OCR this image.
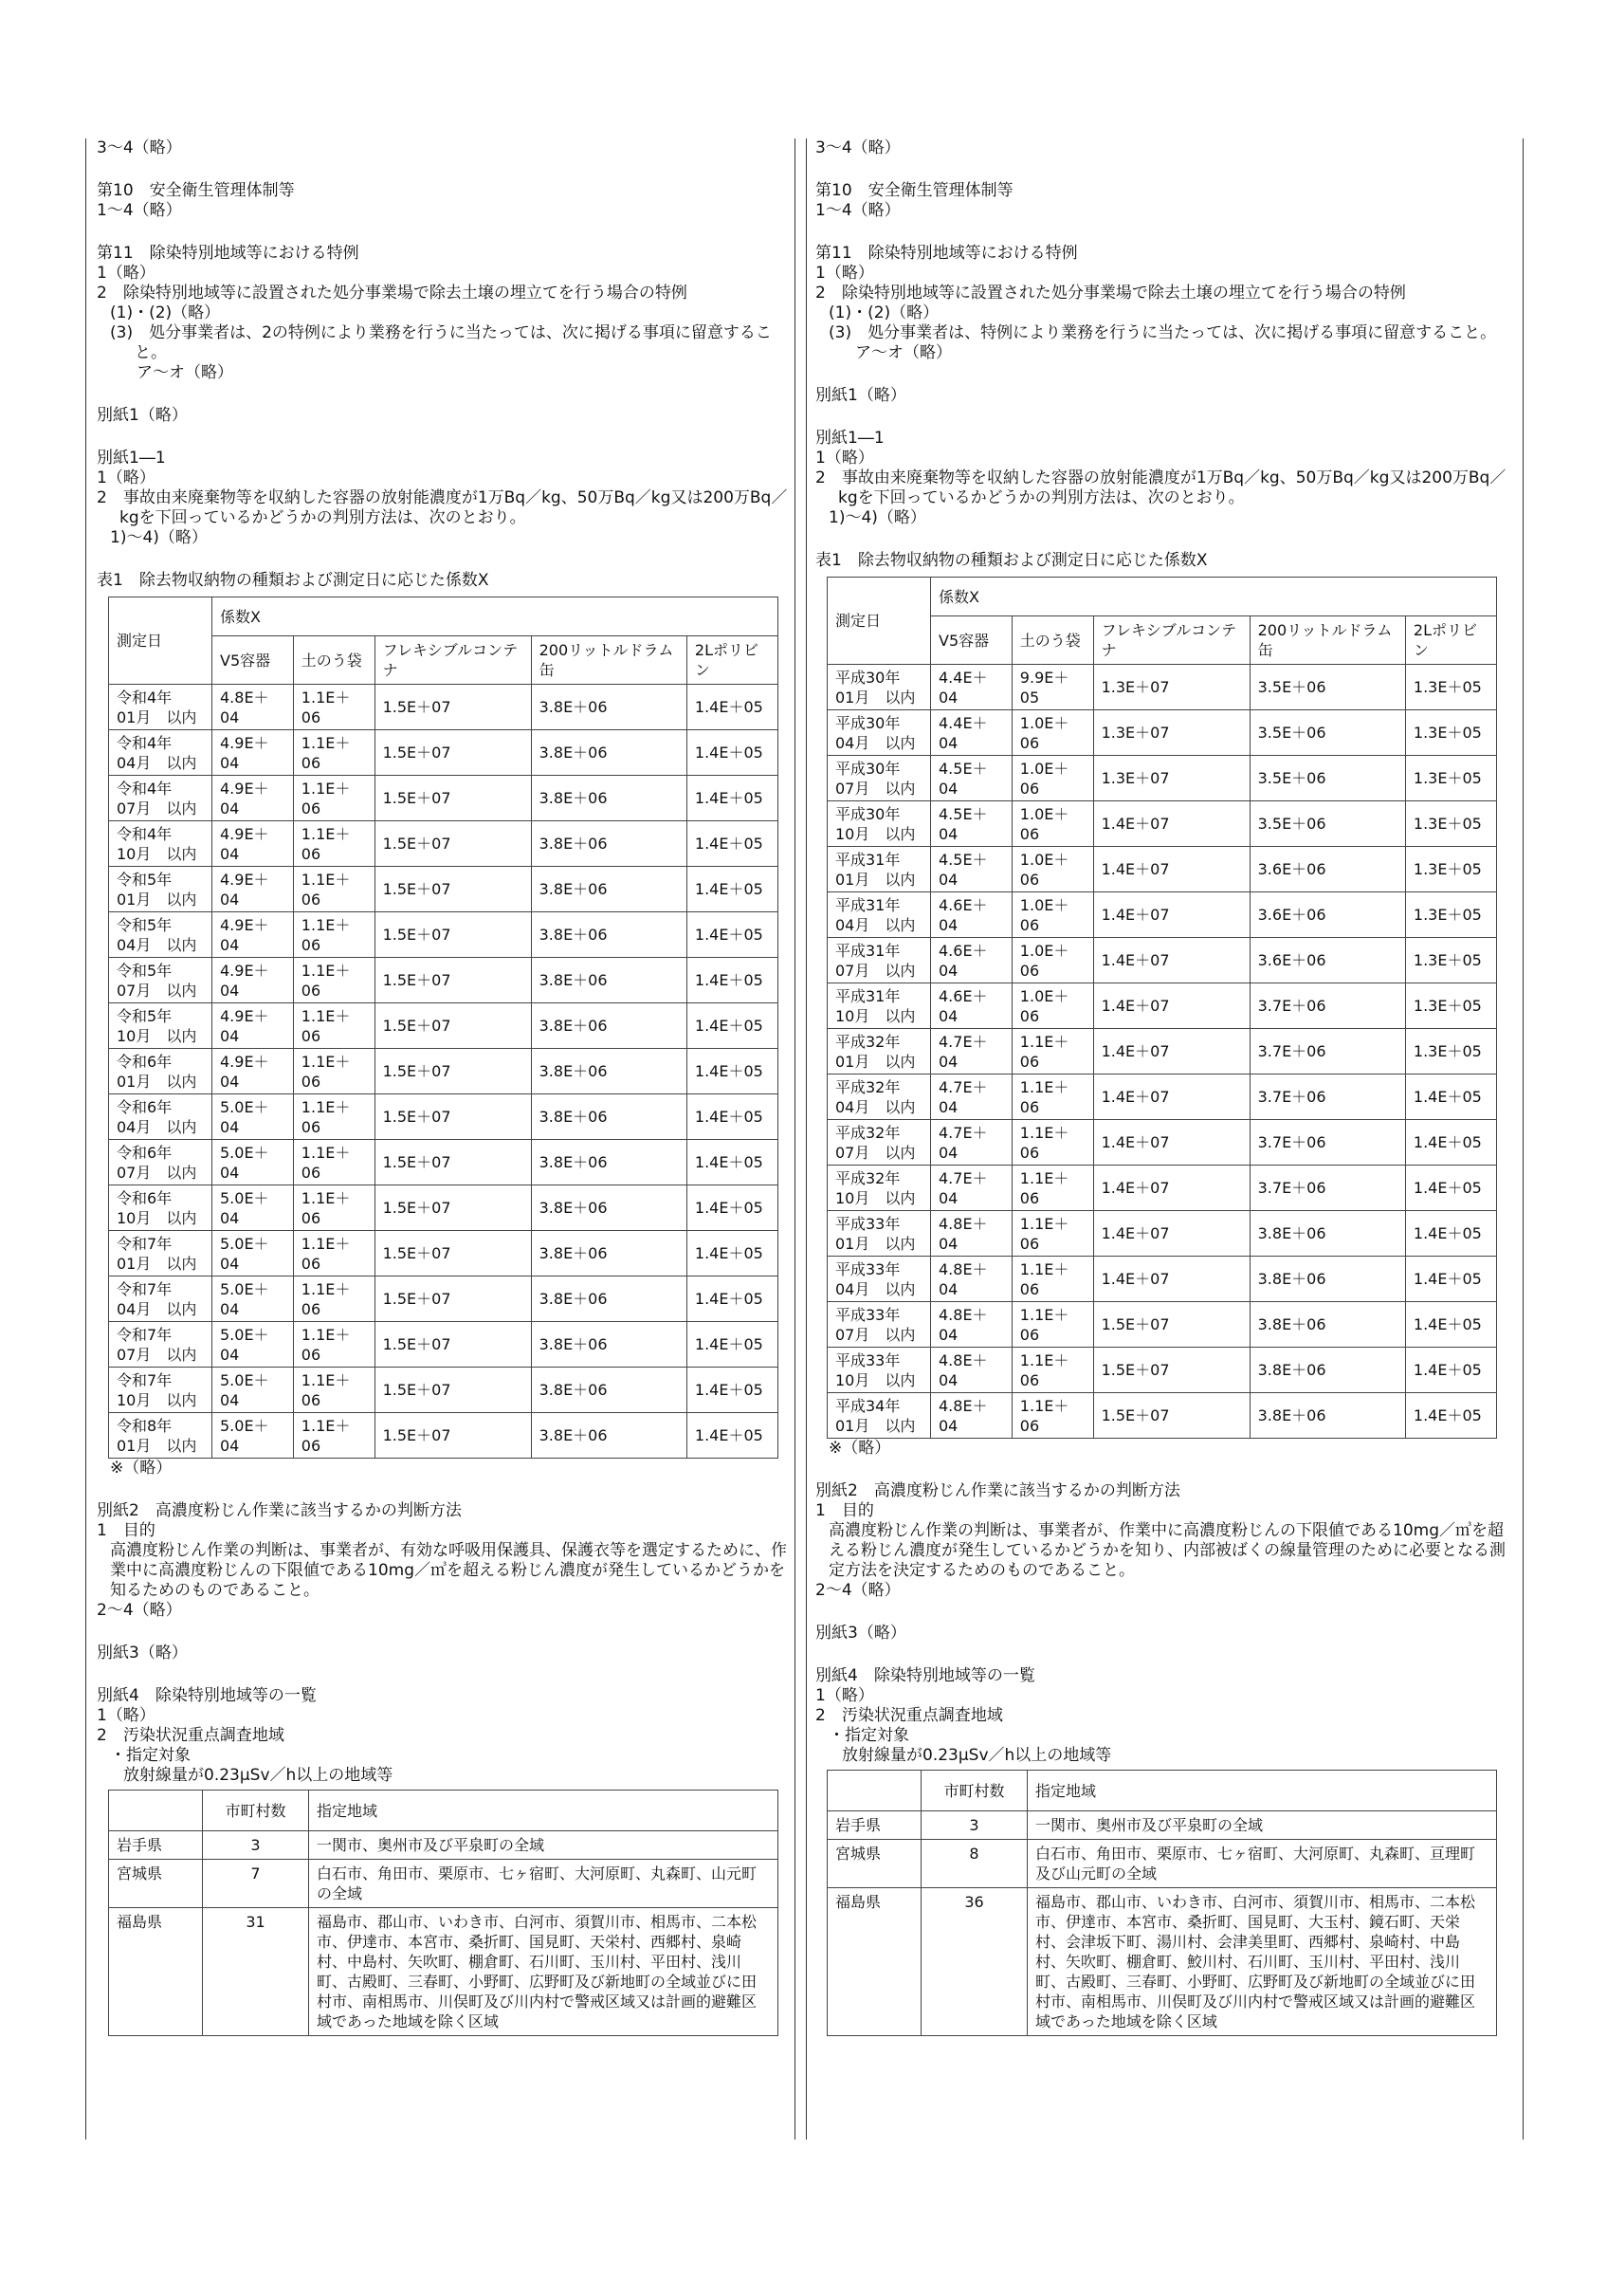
3～4（略）

第10　安全衛生管理体制等

1～4（略）

第11　除染特別地域等における特例

1（略）

2　除染特別地域等に設置された処分事業場で除去土壌の埋立てを行う場合の特例

(1)・(2)（略）

(3)　処分事業者は、2の特例により業務を行うに当たっては、次に掲げる事項に留意すること。

ア～オ（略）

別紙1（略）

別紙1―1

1（略）

2　事故由来廃棄物等を収納した容器の放射能濃度が1万Bq／kg、50万Bq／kg又は200万Bq／kgを下回っているかどうかの判別方法は、次のとおり。

1)～4)（略）

表1　除去物収納物の種類および測定日に応じた係数X

測定日	係数X				
	V5容器	土のう袋	フレキシブルコンテナ	200リットルドラム缶	2Lポリビン

令和4年
01月　以内	4.8E＋04	1.1E＋06	1.5E＋07	3.8E＋06	1.4E＋05

令和4年
04月　以内	4.9E＋04	1.1E＋06	1.5E＋07	3.8E＋06	1.4E＋05

令和4年
07月　以内	4.9E＋04	1.1E＋06	1.5E＋07	3.8E＋06	1.4E＋05

令和4年
10月　以内	4.9E＋04	1.1E＋06	1.5E＋07	3.8E＋06	1.4E＋05

令和5年
01月　以内	4.9E＋04	1.1E＋06	1.5E＋07	3.8E＋06	1.4E＋05

令和5年
04月　以内	4.9E＋04	1.1E＋06	1.5E＋07	3.8E＋06	1.4E＋05

令和5年
07月　以内	4.9E＋04	1.1E＋06	1.5E＋07	3.8E＋06	1.4E＋05

令和5年
10月　以内	4.9E＋04	1.1E＋06	1.5E＋07	3.8E＋06	1.4E＋05

令和6年
01月　以内	4.9E＋04	1.1E＋06	1.5E＋07	3.8E＋06	1.4E＋05

令和6年
04月　以内	5.0E＋04	1.1E＋06	1.5E＋07	3.8E＋06	1.4E＋05

令和6年
07月　以内	5.0E＋04	1.1E＋06	1.5E＋07	3.8E＋06	1.4E＋05

令和6年
10月　以内	5.0E＋04	1.1E＋06	1.5E＋07	3.8E＋06	1.4E＋05

令和7年
01月　以内	5.0E＋04	1.1E＋06	1.5E＋07	3.8E＋06	1.4E＋05

令和7年
04月　以内	5.0E＋04	1.1E＋06	1.5E＋07	3.8E＋06	1.4E＋05

令和7年
07月　以内	5.0E＋04	1.1E＋06	1.5E＋07	3.8E＋06	1.4E＋05

令和7年
10月　以内	5.0E＋04	1.1E＋06	1.5E＋07	3.8E＋06	1.4E＋05

令和8年
01月　以内	5.0E＋04	1.1E＋06	1.5E＋07	3.8E＋06	1.4E＋05

※（略）

別紙2　高濃度粉じん作業に該当するかの判断方法

1　目的

高濃度粉じん作業の判断は、事業者が、有効な呼吸用保護具、保護衣等を選定するために、作業中に高濃度粉じんの下限値である10mg／㎥を超える粉じん濃度が発生しているかどうかを知るためのものであること。

2～4（略）

別紙3（略）

別紙4　除染特別地域等の一覧

1（略）

2　汚染状況重点調査地域

・指定対象

放射線量が0.23μSv／h以上の地域等

	市町村数	指定地域
岩手県	3	一関市、奥州市及び平泉町の全域
宮城県	7	白石市、角田市、栗原市、七ヶ宿町、大河原町、丸森町、山元町の全域
福島県	31	福島市、郡山市、いわき市、白河市、須賀川市、相馬市、二本松市、伊達市、本宮市、桑折町、国見町、天栄村、西郷村、泉崎村、中島村、矢吹町、棚倉町、石川町、玉川村、平田村、浅川町、古殿町、三春町、小野町、広野町及び新地町の全域並びに田村市、南相馬市、川俣町及び川内村で警戒区域又は計画的避難区域であった地域を除く区域

3～4（略）

第10　安全衛生管理体制等

1～4（略）

第11　除染特別地域等における特例

1（略）

2　除染特別地域等に設置された処分事業場で除去土壌の埋立てを行う場合の特例

(1)・(2)（略）

(3)　処分事業者は、特例により業務を行うに当たっては、次に掲げる事項に留意すること。

ア～オ（略）

別紙1（略）

別紙1―1

1（略）

2　事故由来廃棄物等を収納した容器の放射能濃度が1万Bq／kg、50万Bq／kg又は200万Bq／kgを下回っているかどうかの判別方法は、次のとおり。

1)～4)（略）

表1　除去物収納物の種類および測定日に応じた係数X

測定日	係数X				
	V5容器	土のう袋	フレキシブルコンテナ	200リットルドラム缶	2Lポリビン

平成30年
01月　以内	4.4E＋04	9.9E＋05	1.3E＋07	3.5E＋06	1.3E＋05

平成30年
04月　以内	4.4E＋04	1.0E＋06	1.3E＋07	3.5E＋06	1.3E＋05

平成30年
07月　以内	4.5E＋04	1.0E＋06	1.3E＋07	3.5E＋06	1.3E＋05

平成30年
10月　以内	4.5E＋04	1.0E＋06	1.4E＋07	3.5E＋06	1.3E＋05

平成31年
01月　以内	4.5E＋04	1.0E＋06	1.4E＋07	3.6E＋06	1.3E＋05

平成31年
04月　以内	4.6E＋04	1.0E＋06	1.4E＋07	3.6E＋06	1.3E＋05

平成31年
07月　以内	4.6E＋04	1.0E＋06	1.4E＋07	3.6E＋06	1.3E＋05

平成31年
10月　以内	4.6E＋04	1.0E＋06	1.4E＋07	3.7E＋06	1.3E＋05

平成32年
01月　以内	4.7E＋04	1.1E＋06	1.4E＋07	3.7E＋06	1.3E＋05

平成32年
04月　以内	4.7E＋04	1.1E＋06	1.4E＋07	3.7E＋06	1.4E＋05

平成32年
07月　以内	4.7E＋04	1.1E＋06	1.4E＋07	3.7E＋06	1.4E＋05

平成32年
10月　以内	4.7E＋04	1.1E＋06	1.4E＋07	3.7E＋06	1.4E＋05

平成33年
01月　以内	4.8E＋04	1.1E＋06	1.4E＋07	3.8E＋06	1.4E＋05

平成33年
04月　以内	4.8E＋04	1.1E＋06	1.4E＋07	3.8E＋06	1.4E＋05

平成33年
07月　以内	4.8E＋04	1.1E＋06	1.5E＋07	3.8E＋06	1.4E＋05

平成33年
10月　以内	4.8E＋04	1.1E＋06	1.5E＋07	3.8E＋06	1.4E＋05

平成34年
01月　以内	4.8E＋04	1.1E＋06	1.5E＋07	3.8E＋06	1.4E＋05

※（略）

別紙2　高濃度粉じん作業に該当するかの判断方法

1　目的

高濃度粉じん作業の判断は、事業者が、作業中に高濃度粉じんの下限値である10mg／㎥を超える粉じん濃度が発生しているかどうかを知り、内部被ばくの線量管理のために必要となる測定方法を決定するためのものであること。

2～4（略）

別紙3（略）

別紙4　除染特別地域等の一覧

1（略）

2　汚染状況重点調査地域

・指定対象

放射線量が0.23μSv／h以上の地域等

	市町村数	指定地域
岩手県	3	一関市、奥州市及び平泉町の全域
宮城県	8	白石市、角田市、栗原市、七ヶ宿町、大河原町、丸森町、亘理町及び山元町の全域
福島県	36	福島市、郡山市、いわき市、白河市、須賀川市、相馬市、二本松市、伊達市、本宮市、桑折町、国見町、大玉村、鏡石町、天栄村、会津坂下町、湯川村、会津美里町、西郷村、泉崎村、中島村、矢吹町、棚倉町、鮫川村、石川町、玉川村、平田村、浅川町、古殿町、三春町、小野町、広野町及び新地町の全域並びに田村市、南相馬市、川俣町及び川内村で警戒区域又は計画的避難区域であった地域を除く区域
